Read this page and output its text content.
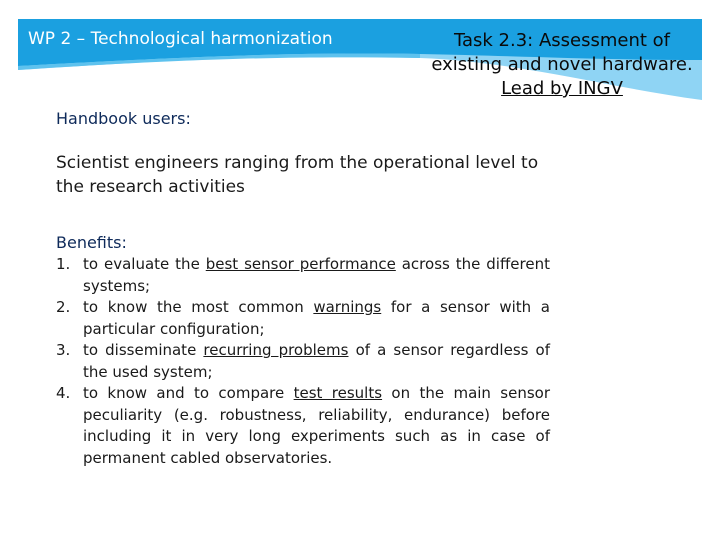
WP 2 – Technological harmonization	Task 2.3: Assessment of
existing and novel hardware.
Lead by INGV
Handbook users:
Scientist engineers ranging from the operational level to the research activities
Benefits:
1. to evaluate the best sensor performance across the different systems;
2. to know the most common warnings for a sensor with a particular configuration;
3. to disseminate recurring problems of a sensor regardless of the used system;
4. to know and to compare test results on the main sensor peculiarity (e.g. robustness, reliability, endurance) before including it in very long experiments such as in case of permanent cabled observatories.
